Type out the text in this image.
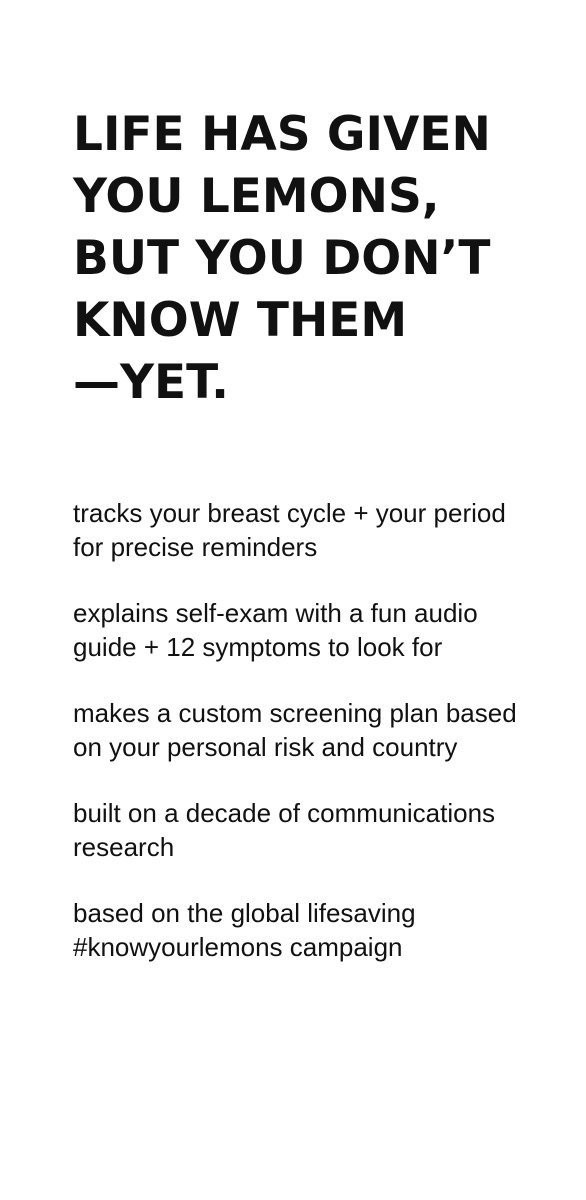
LIFE HAS GIVEN
YOU LEMONS,
BUT YOU DON’T
KNOW THEM
—YET.
tracks your breast cycle + your period for precise reminders
explains self-exam with a fun audio guide + 12 symptoms to look for
makes a custom screening plan based on your personal risk and country
built on a decade of communications research
based on the global lifesaving #knowyourlemons campaign
